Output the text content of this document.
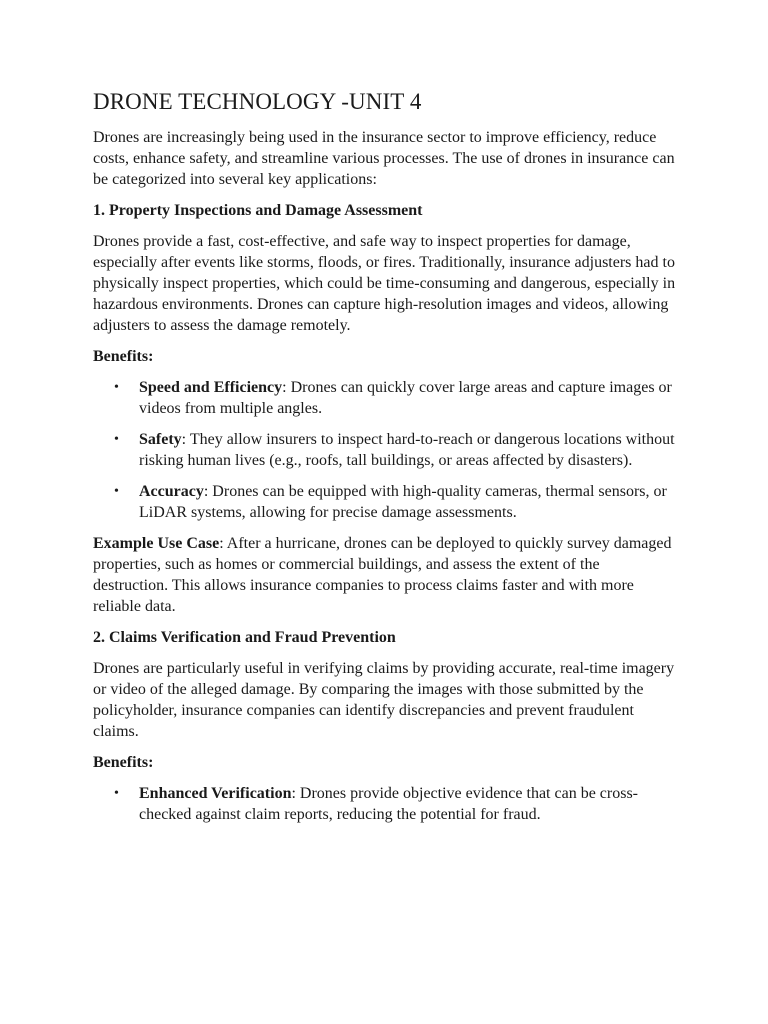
DRONE TECHNOLOGY -UNIT 4

Drones are increasingly being used in the insurance sector to improve efficiency, reduce costs, enhance safety, and streamline various processes. The use of drones in insurance can be categorized into several key applications:

1. Property Inspections and Damage Assessment

Drones provide a fast, cost-effective, and safe way to inspect properties for damage, especially after events like storms, floods, or fires. Traditionally, insurance adjusters had to physically inspect properties, which could be time-consuming and dangerous, especially in hazardous environments. Drones can capture high-resolution images and videos, allowing adjusters to assess the damage remotely.

Benefits:
• Speed and Efficiency: Drones can quickly cover large areas and capture images or videos from multiple angles.
• Safety: They allow insurers to inspect hard-to-reach or dangerous locations without risking human lives (e.g., roofs, tall buildings, or areas affected by disasters).
• Accuracy: Drones can be equipped with high-quality cameras, thermal sensors, or LiDAR systems, allowing for precise damage assessments.

Example Use Case: After a hurricane, drones can be deployed to quickly survey damaged properties, such as homes or commercial buildings, and assess the extent of the destruction. This allows insurance companies to process claims faster and with more reliable data.

2. Claims Verification and Fraud Prevention

Drones are particularly useful in verifying claims by providing accurate, real-time imagery or video of the alleged damage. By comparing the images with those submitted by the policyholder, insurance companies can identify discrepancies and prevent fraudulent claims.

Benefits:
• Enhanced Verification: Drones provide objective evidence that can be cross-checked against claim reports, reducing the potential for fraud.
